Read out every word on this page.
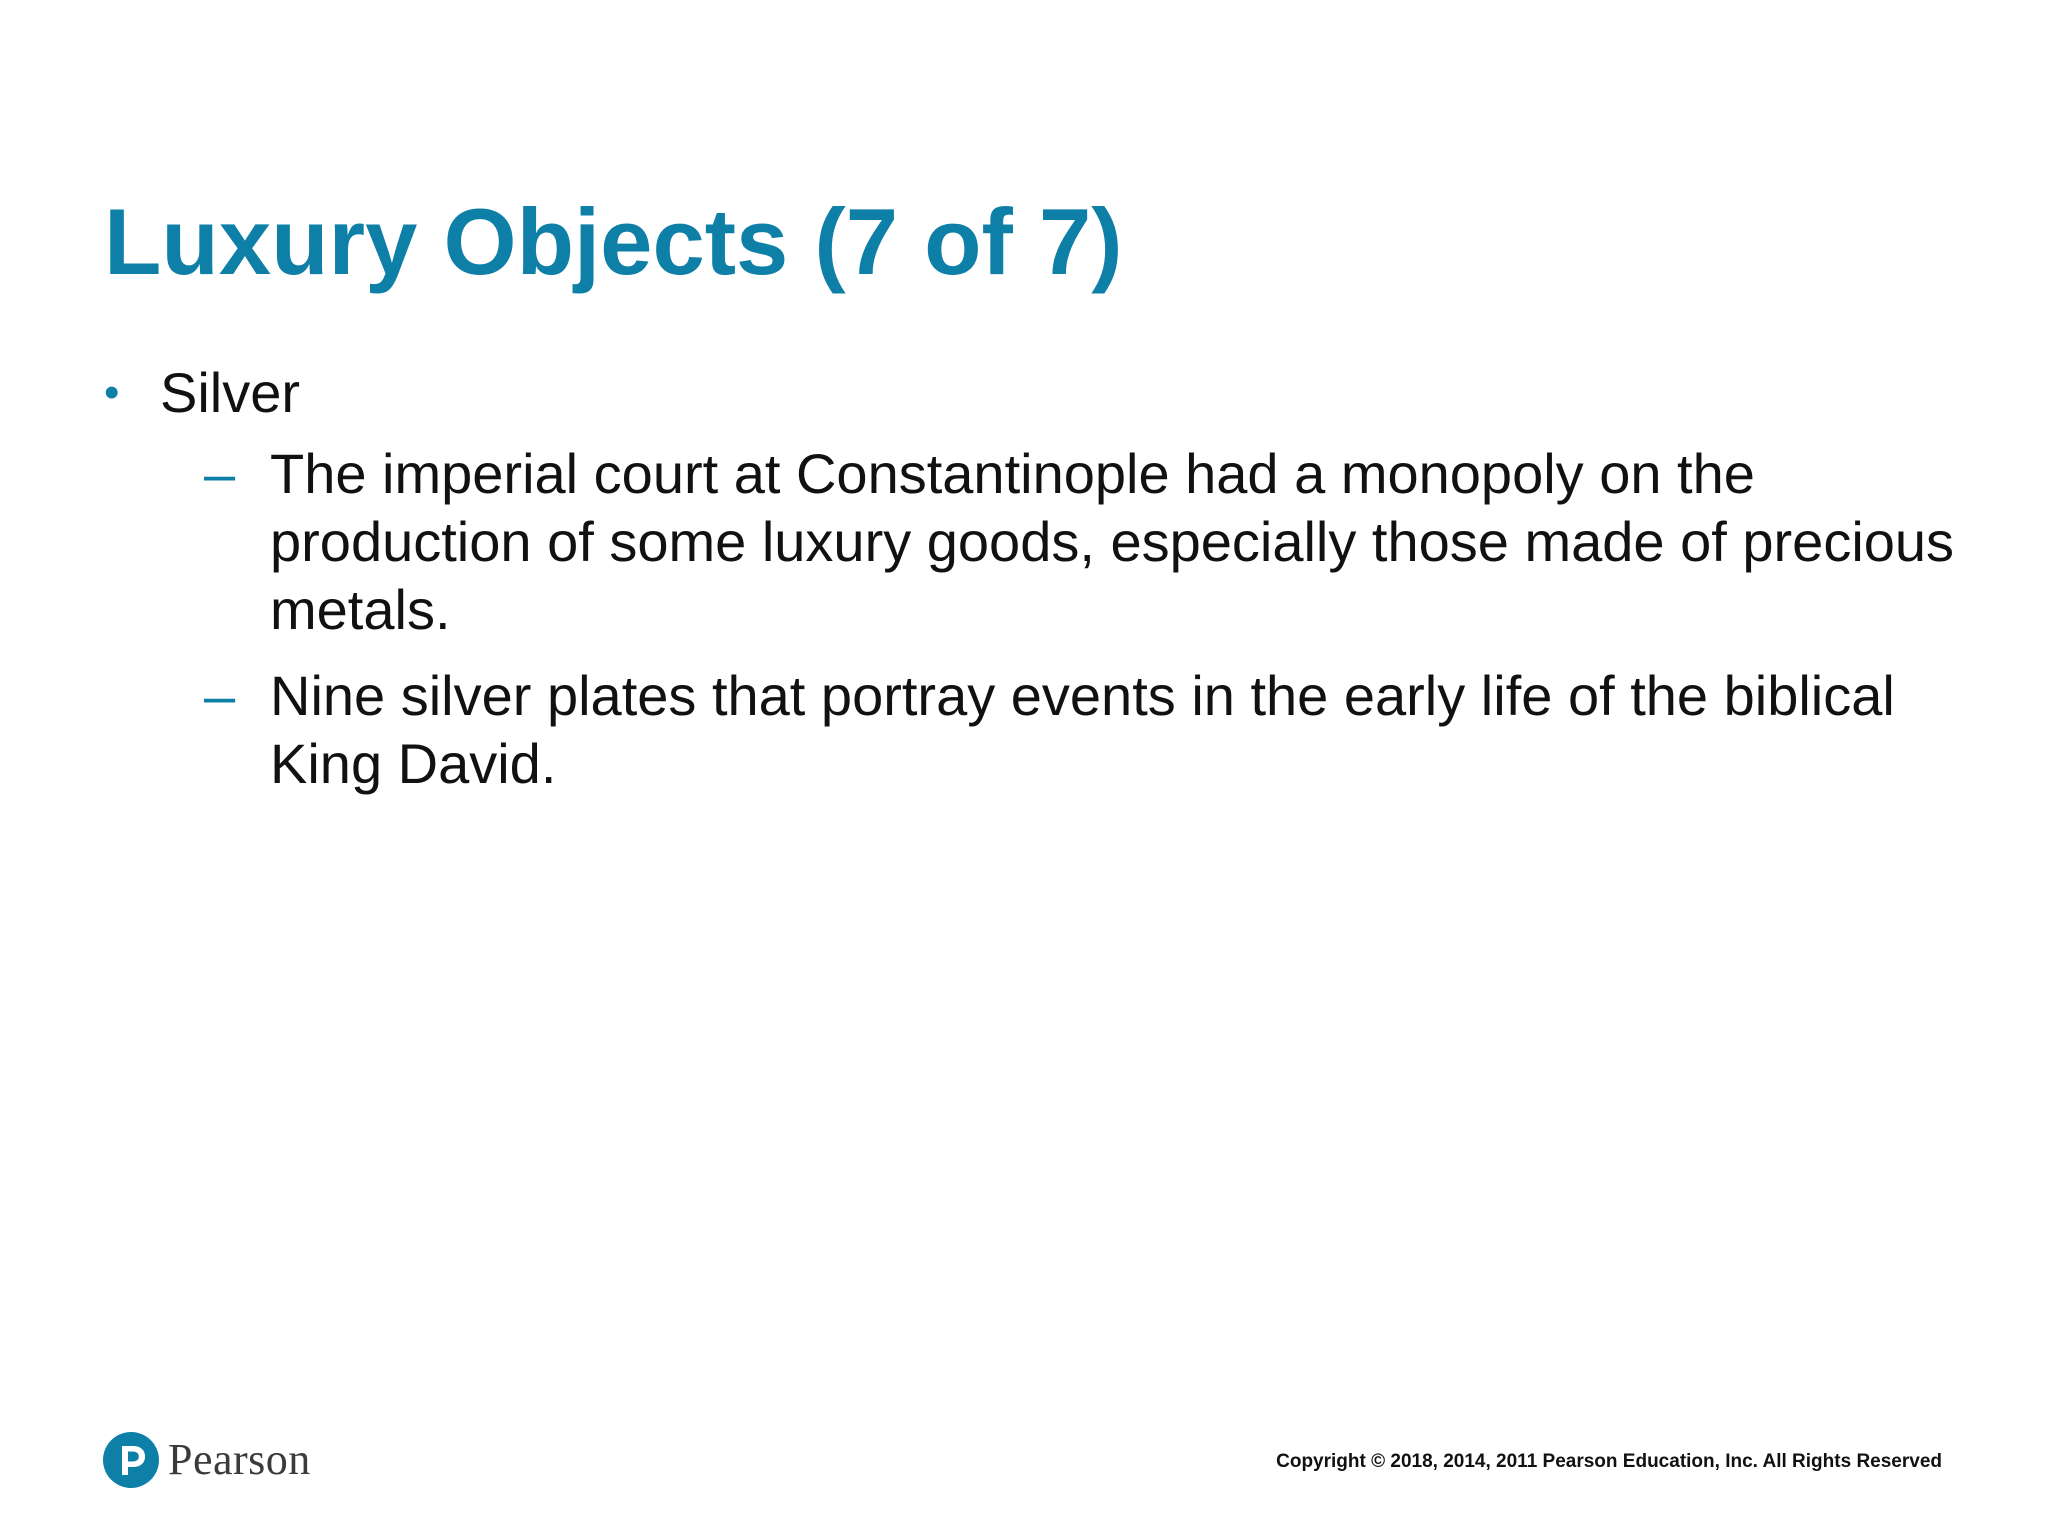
Luxury Objects (7 of 7)
• Silver
– The imperial court at Constantinople had a monopoly on the production of some luxury goods, especially those made of precious metals.
– Nine silver plates that portray events in the early life of the biblical King David.
Pearson	Copyright © 2018, 2014, 2011 Pearson Education, Inc. All Rights Reserved
